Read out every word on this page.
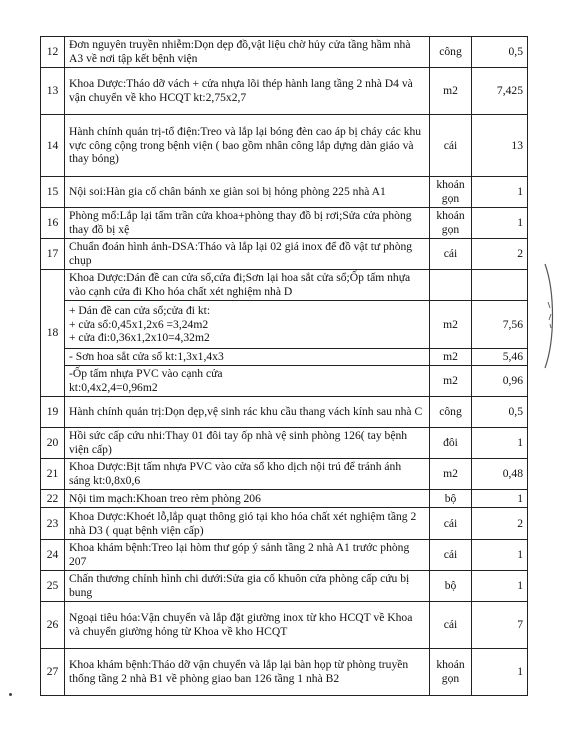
12	Đơn nguyên truyền nhiễm:Dọn dẹp đồ,vật liệu chờ hủy cửa tầng hầm nhà A3 về nơi tập kết bệnh viện	công	0,5
13	Khoa Dược:Tháo dỡ vách + cửa nhựa lõi thép hành lang tầng 2 nhà D4 và vận chuyển về kho HCQT kt:2,75x2,7	m2	7,425
14	Hành chính quản trị-tổ điện:Treo và lắp lại bóng đèn cao áp bị cháy các khu vực công cộng trong bệnh viện ( bao gồm nhân công lắp dựng dàn giáo và thay bóng)	cái	13
15	Nội soi:Hàn gia cố chân bánh xe giàn soi bị hỏng phòng 225 nhà A1	khoán gọn	1
16	Phòng mổ:Lắp lại tấm trần cửa khoa+phòng thay đồ bị rơi;Sửa cửa phòng thay đồ bị xệ	khoán gọn	1
17	Chuẩn đoán hình ảnh-DSA:Tháo và lắp lại 02 giá inox để đồ vật tư phòng chụp	cái	2
18	Khoa Dược:Dán đề can cửa sổ,cửa đi;Sơn lại hoa sắt cửa sổ;Ốp tấm nhựa vào cạnh cửa đi Kho hóa chất xét nghiệm nhà D		

	+ Dán đề can cửa sổ;cửa đi kt:
+ cửa sổ:0,45x1,2x6 =3,24m2
+ cửa đi:0,36x1,2x10=4,32m2	m2	7,56

	- Sơn hoa sắt cửa sổ kt:1,3x1,4x3	m2	5,46

	-Ốp tấm nhựa PVC vào cạnh cửa
kt:0,4x2,4=0,96m2	m2	0,96
19	Hành chính quản trị:Dọn dẹp,vệ sinh rác khu cầu thang vách kính sau nhà C	công	0,5
20	Hồi sức cấp cứu nhi:Thay 01 đôi tay ốp nhà vệ sinh phòng 126( tay bệnh viện cấp)	đôi	1
21	Khoa Dược:Bịt tấm nhựa PVC vào cửa sổ kho dịch nội trú để tránh ánh sáng kt:0,8x0,6	m2	0,48
22	Nội tim mạch:Khoan treo rèm phòng 206	bộ	1
23	Khoa Dược:Khoét lỗ,lắp quạt thông gió tại kho hóa chất xét nghiệm tầng 2 nhà D3 ( quạt bệnh viện cấp)	cái	2
24	Khoa khám bệnh:Treo lại hòm thư góp ý sảnh tầng 2 nhà A1 trước phòng 207	cái	1
25	Chấn thương chỉnh hình chi dưới:Sửa gia cố khuôn cửa phòng cấp cứu bị bung	bộ	1
26	Ngoại tiêu hóa:Vận chuyển và lắp đặt giường inox từ kho HCQT về Khoa và chuyển giường hỏng từ Khoa về kho HCQT	cái	7
27	Khoa khám bệnh:Tháo dỡ vận chuyển và lắp lại bàn họp từ phòng truyền thống tầng 2 nhà B1 về phòng giao ban 126 tầng 1 nhà B2	khoán gọn	1
